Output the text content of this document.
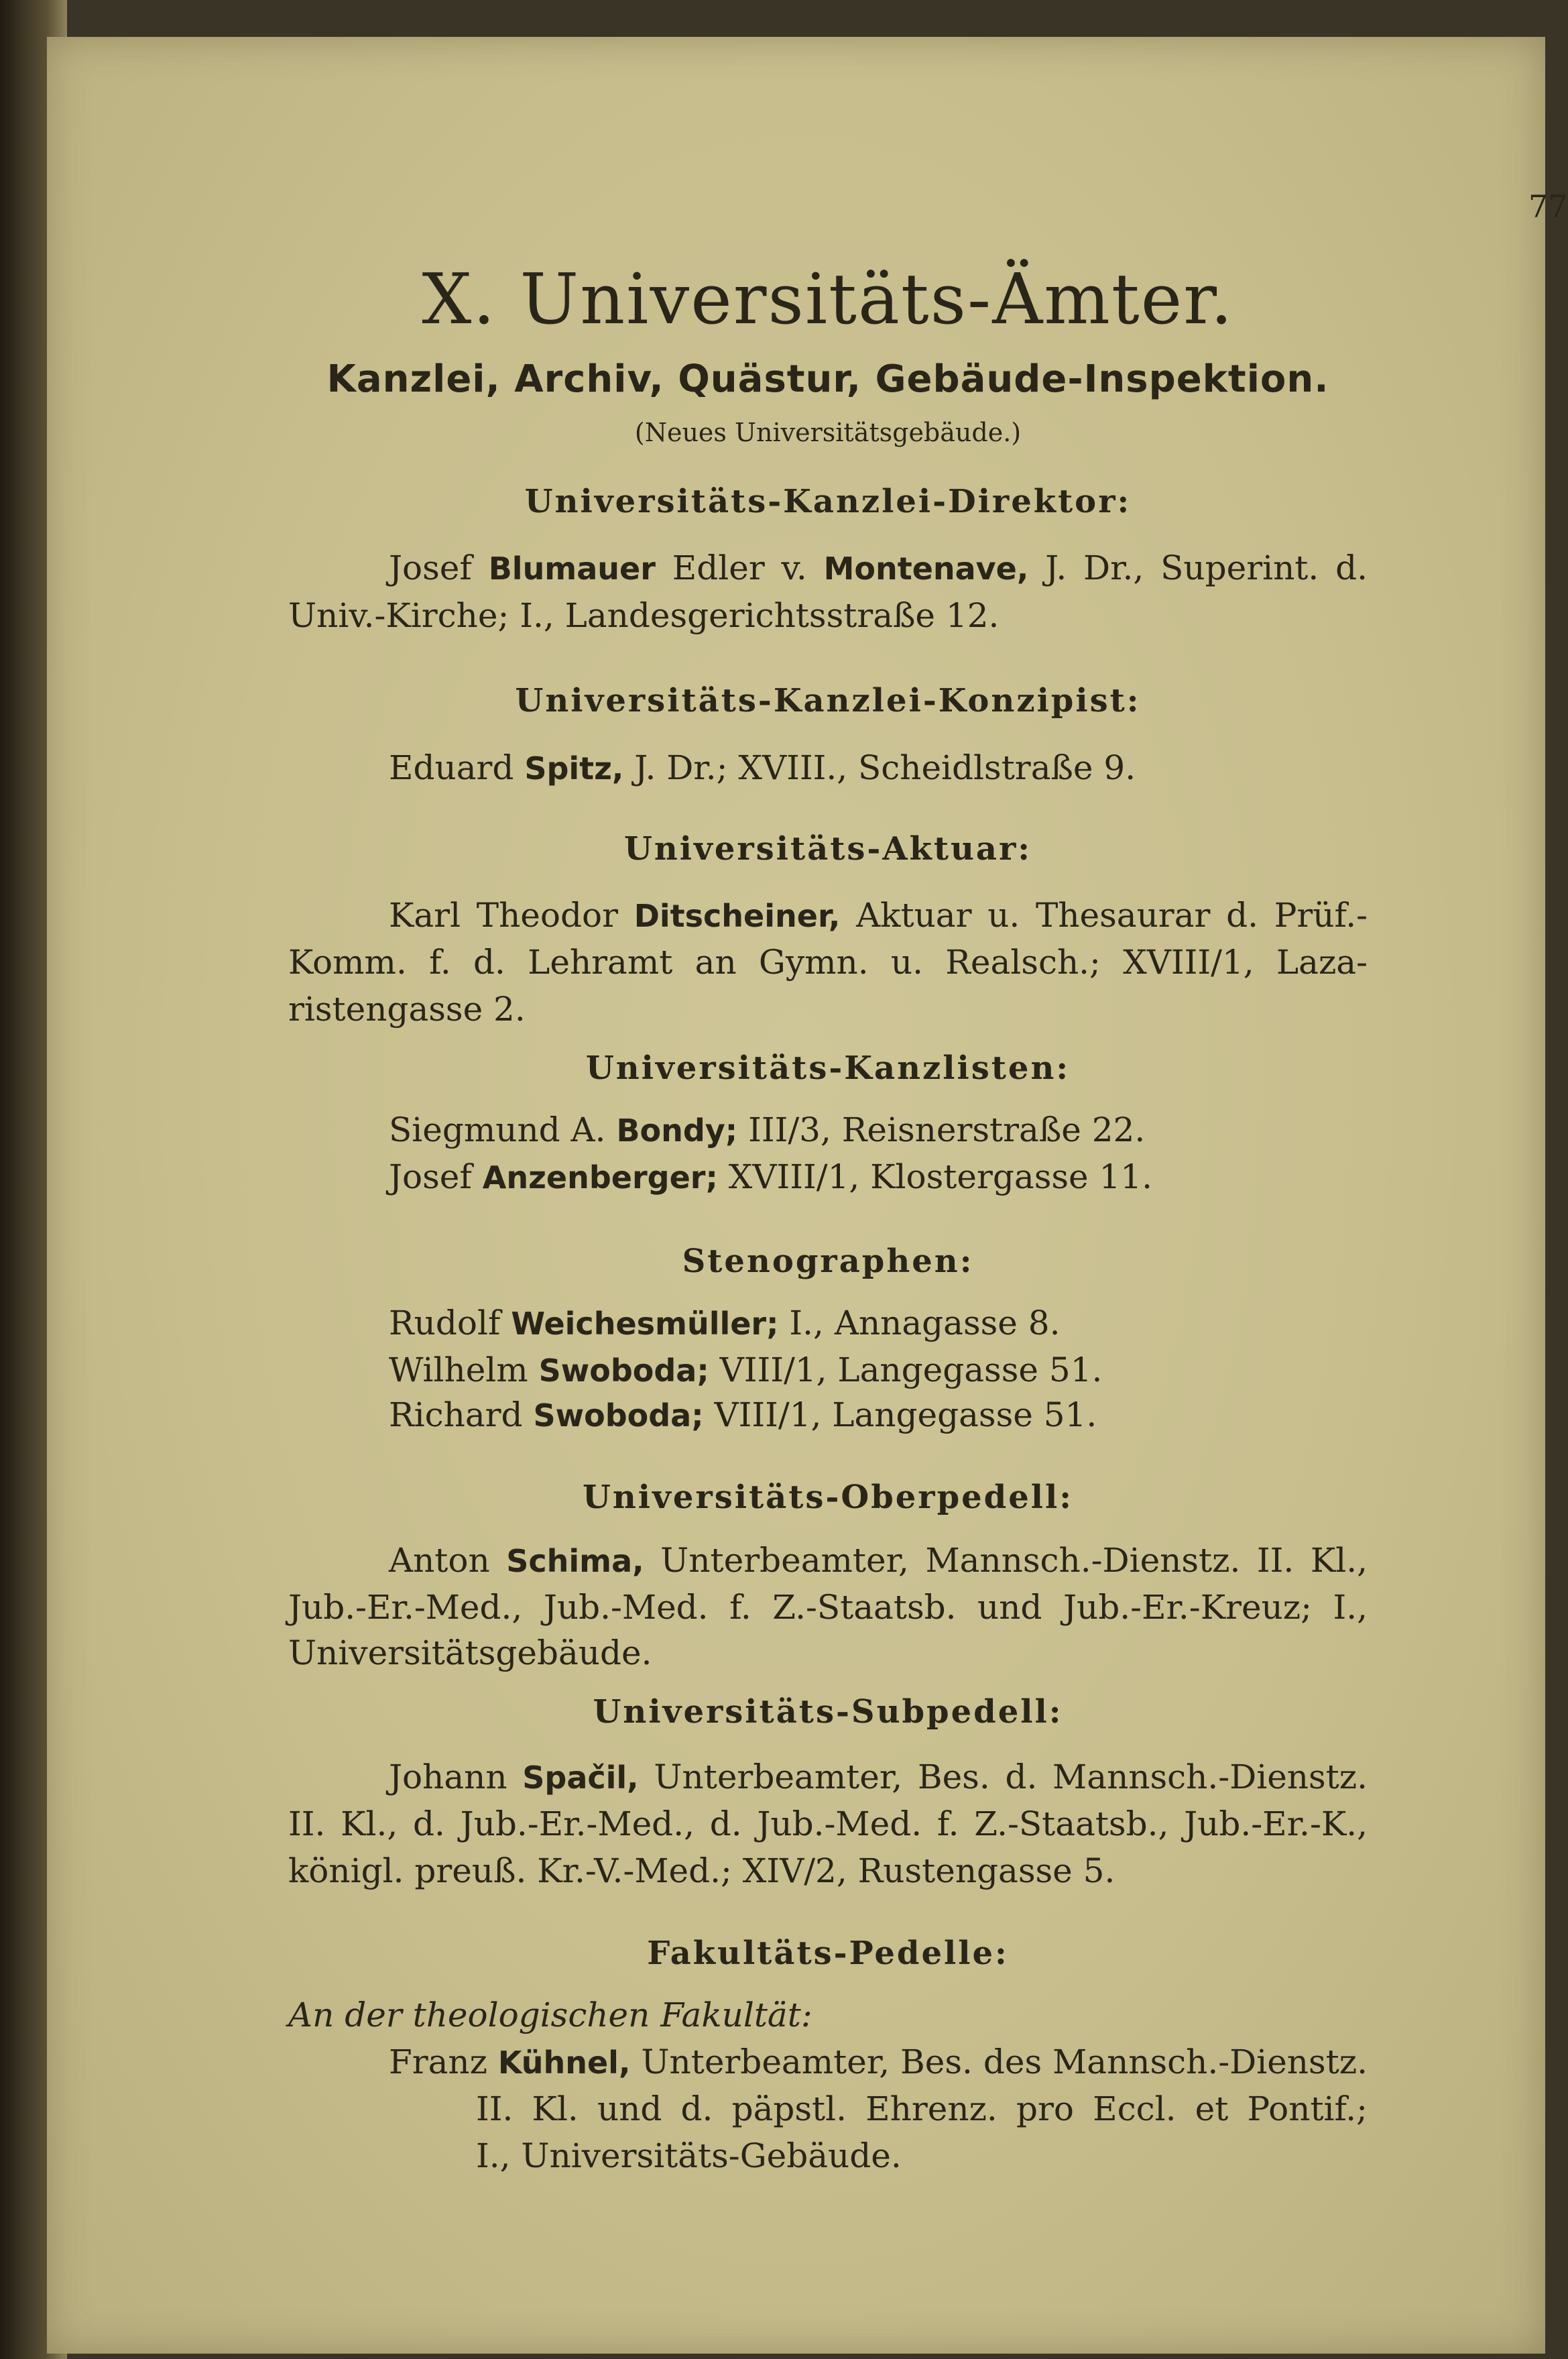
77
X. Universitäts-Ämter.
Kanzlei, Archiv, Quästur, Gebäude-Inspektion.
(Neues Universitätsgebäude.)
Universitäts-Kanzlei-Direktor:
Josef Blumauer Edler v. Montenave, J. Dr., Superint. d.
Univ.-Kirche; I., Landesgerichtsstraße 12.
Universitäts-Kanzlei-Konzipist:
Eduard Spitz, J. Dr.; XVIII., Scheidlstraße 9.
Universitäts-Aktuar:
Karl Theodor Ditscheiner, Aktuar u. Thesaurar d. Prüf.-
Komm. f. d. Lehramt an Gymn. u. Realsch.; XVIII/1, Laza-
ristengasse 2.
Universitäts-Kanzlisten:
Siegmund A. Bondy; III/3, Reisnerstraße 22.
Josef Anzenberger; XVIII/1, Klostergasse 11.
Stenographen:
Rudolf Weichesmüller; I., Annagasse 8.
Wilhelm Swoboda; VIII/1, Langegasse 51.
Richard Swoboda; VIII/1, Langegasse 51.
Universitäts-Oberpedell:
Anton Schima, Unterbeamter, Mannsch.-Dienstz. II. Kl.,
Jub.-Er.-Med., Jub.-Med. f. Z.-Staatsb. und Jub.-Er.-Kreuz; I.,
Universitätsgebäude.
Universitäts-Subpedell:
Johann Spačil, Unterbeamter, Bes. d. Mannsch.-Dienstz.
II. Kl., d. Jub.-Er.-Med., d. Jub.-Med. f. Z.-Staatsb., Jub.-Er.-K.,
königl. preuß. Kr.-V.-Med.; XIV/2, Rustengasse 5.
Fakultäts-Pedelle:
An der theologischen Fakultät:
Franz Kühnel, Unterbeamter, Bes. des Mannsch.-Dienstz.
II. Kl. und d. päpstl. Ehrenz. pro Eccl. et Pontif.;
I., Universitäts-Gebäude.
